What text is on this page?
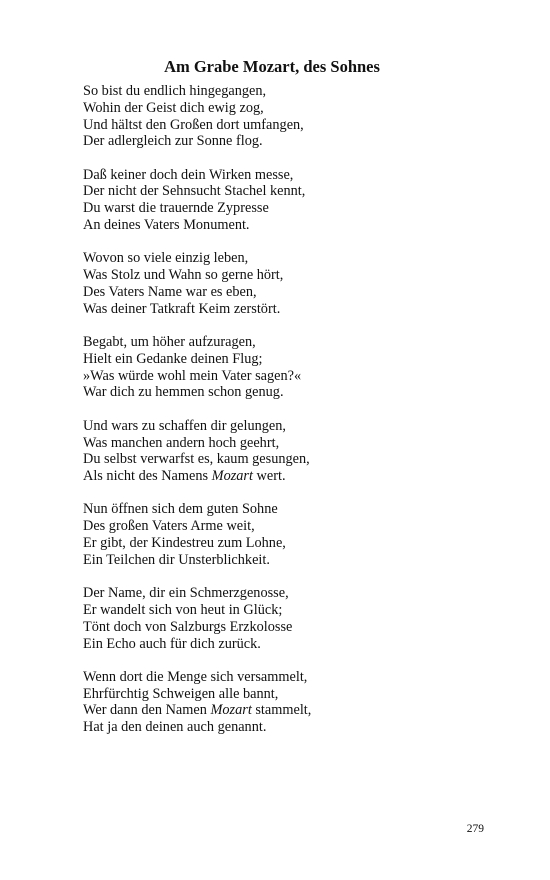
Am Grabe Mozart, des Sohnes
So bist du endlich hingegangen,
Wohin der Geist dich ewig zog,
Und hältst den Großen dort umfangen,
Der adlergleich zur Sonne flog.
Daß keiner doch dein Wirken messe,
Der nicht der Sehnsucht Stachel kennt,
Du warst die trauernde Zypresse
An deines Vaters Monument.
Wovon so viele einzig leben,
Was Stolz und Wahn so gerne hört,
Des Vaters Name war es eben,
Was deiner Tatkraft Keim zerstört.
Begabt, um höher aufzuragen,
Hielt ein Gedanke deinen Flug;
»Was würde wohl mein Vater sagen?«
War dich zu hemmen schon genug.
Und wars zu schaffen dir gelungen,
Was manchen andern hoch geehrt,
Du selbst verwarfst es, kaum gesungen,
Als nicht des Namens Mozart wert.
Nun öffnen sich dem guten Sohne
Des großen Vaters Arme weit,
Er gibt, der Kindestreu zum Lohne,
Ein Teilchen dir Unsterblichkeit.
Der Name, dir ein Schmerzgenosse,
Er wandelt sich von heut in Glück;
Tönt doch von Salzburgs Erzkolosse
Ein Echo auch für dich zurück.
Wenn dort die Menge sich versammelt,
Ehrfürchtig Schweigen alle bannt,
Wer dann den Namen Mozart stammelt,
Hat ja den deinen auch genannt.
279
